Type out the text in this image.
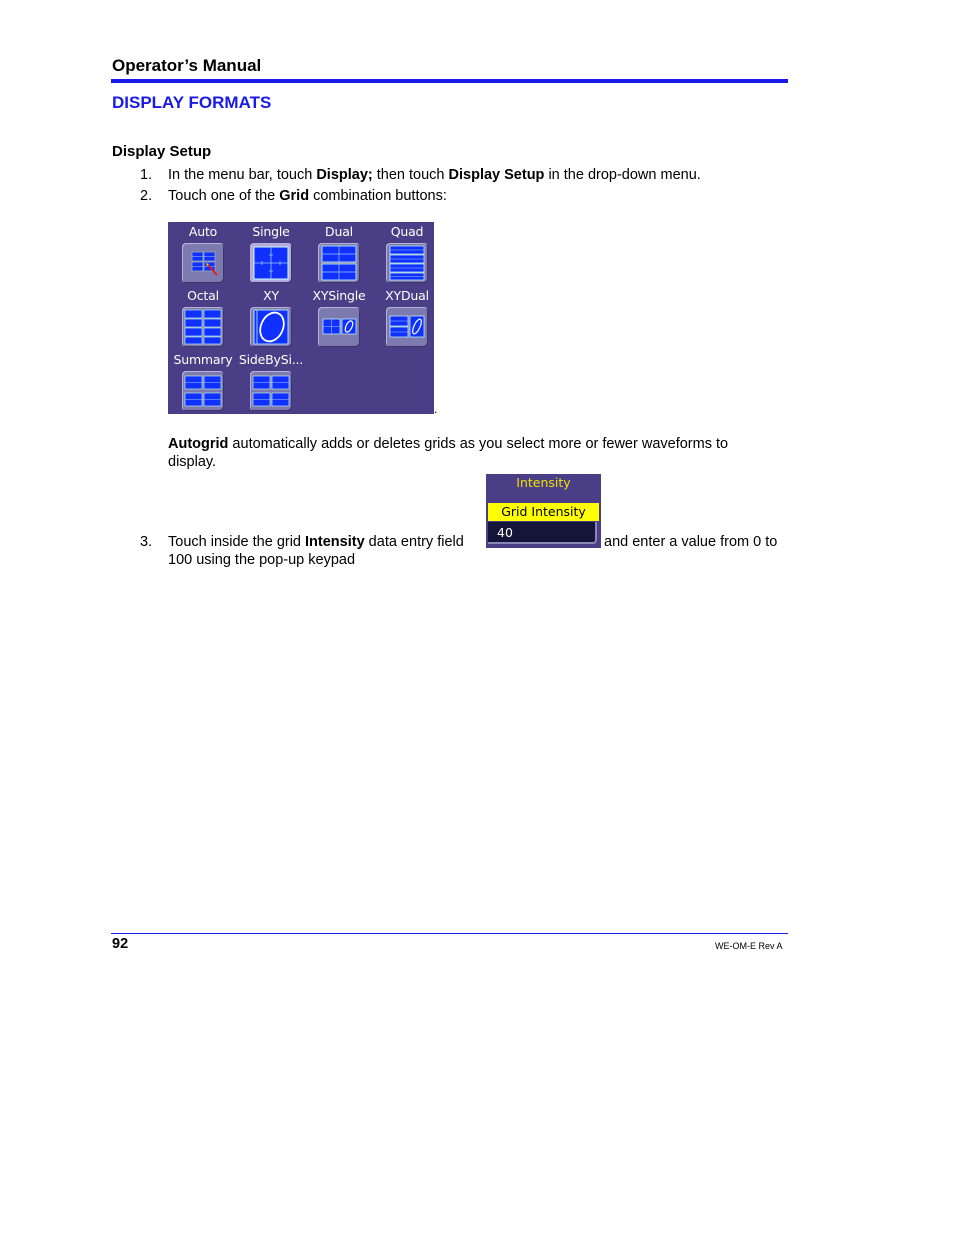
Operator’s Manual
DISPLAY FORMATS
Display Setup
1. In the menu bar, touch Display; then touch Display Setup in the drop-down menu.
2. Touch one of the Grid combination buttons:
Auto	Single	Dual	Quad
Octal	XY	XYSingle	XYDual
Summary SideBySi...
.
Autogrid automatically adds or deletes grids as you select more or fewer waveforms to
display.
Intensity
Grid Intensity
40
3. Touch inside the grid Intensity data entry field	and enter a value from 0 to
100 using the pop-up keypad
92	WE-OM-E Rev A
